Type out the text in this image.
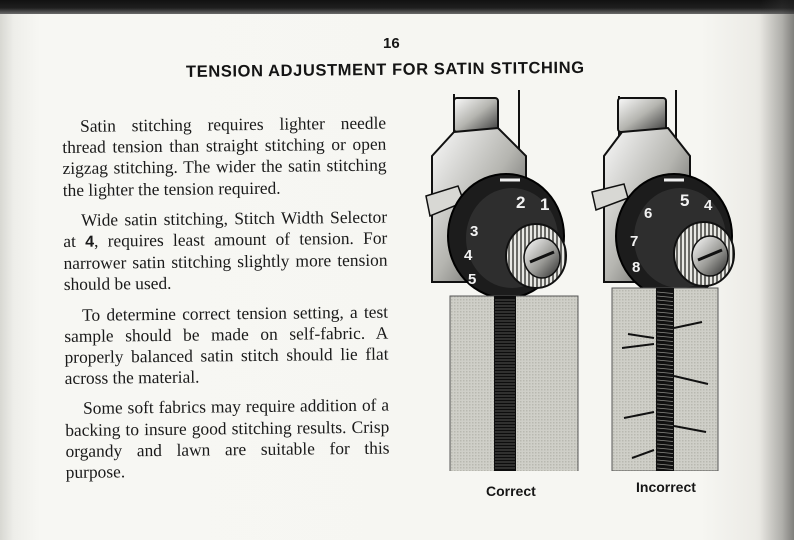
16
TENSION ADJUSTMENT FOR SATIN STITCHING

Satin stitching requires lighter needle thread tension than straight stitching or open zigzag stitching. The wider the satin stitching the lighter the tension required.

Wide satin stitching, Stitch Width Selector at 4, requires least amount of tension. For narrower satin stitching slightly more tension should be used.

To determine correct tension setting, a test sample should be made on self-fabric. A properly balanced satin stitch should lie flat across the material.

Some soft fabrics may require addition of a backing to insure good stitching results. Crisp organdy and lawn are suitable for this purpose.

2 1
3
4
5
5 4
6
7
8
Correct	Incorrect
